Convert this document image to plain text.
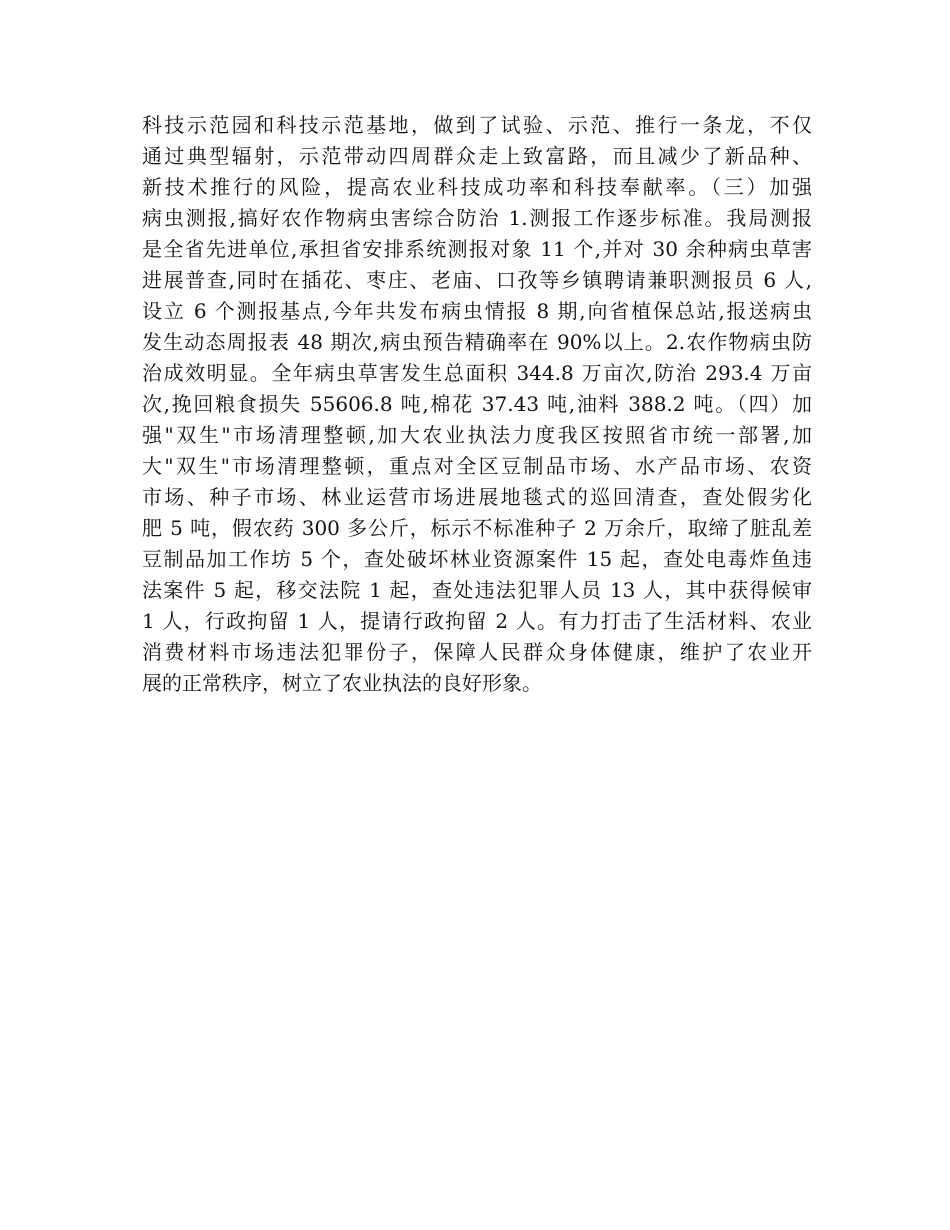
科技示范园和科技示范基地，做到了试验、示范、推行一条龙，不仅
通过典型辐射，示范带动四周群众走上致富路，而且减少了新品种、
新技术推行的风险，提高农业科技成功率和科技奉献率。（三）加强
病虫测报,搞好农作物病虫害综合防治 1.测报工作逐步标准。我局测报
是全省先进单位,承担省安排系统测报对象 11 个,并对 30 余种病虫草害
进展普查,同时在插花、枣庄、老庙、口孜等乡镇聘请兼职测报员 6 人,
设立 6 个测报基点,今年共发布病虫情报 8 期,向省植保总站,报送病虫
发生动态周报表 48 期次,病虫预告精确率在 90%以上。2.农作物病虫防
治成效明显。全年病虫草害发生总面积 344.8 万亩次,防治 293.4 万亩
次,挽回粮食损失 55606.8 吨,棉花 37.43 吨,油料 388.2 吨。（四）加
强"双生"市场清理整顿,加大农业执法力度我区按照省市统一部署,加
大"双生"市场清理整顿，重点对全区豆制品市场、水产品市场、农资
市场、种子市场、林业运营市场进展地毯式的巡回清查，查处假劣化
肥 5 吨，假农药 300 多公斤，标示不标准种子 2 万余斤，取缔了脏乱差
豆制品加工作坊 5 个，查处破坏林业资源案件 15 起，查处电毒炸鱼违
法案件 5 起，移交法院 1 起，查处违法犯罪人员 13 人，其中获得候审
1 人，行政拘留 1 人，提请行政拘留 2 人。有力打击了生活材料、农业
消费材料市场违法犯罪份子，保障人民群众身体健康，维护了农业开
展的正常秩序，树立了农业执法的良好形象。
